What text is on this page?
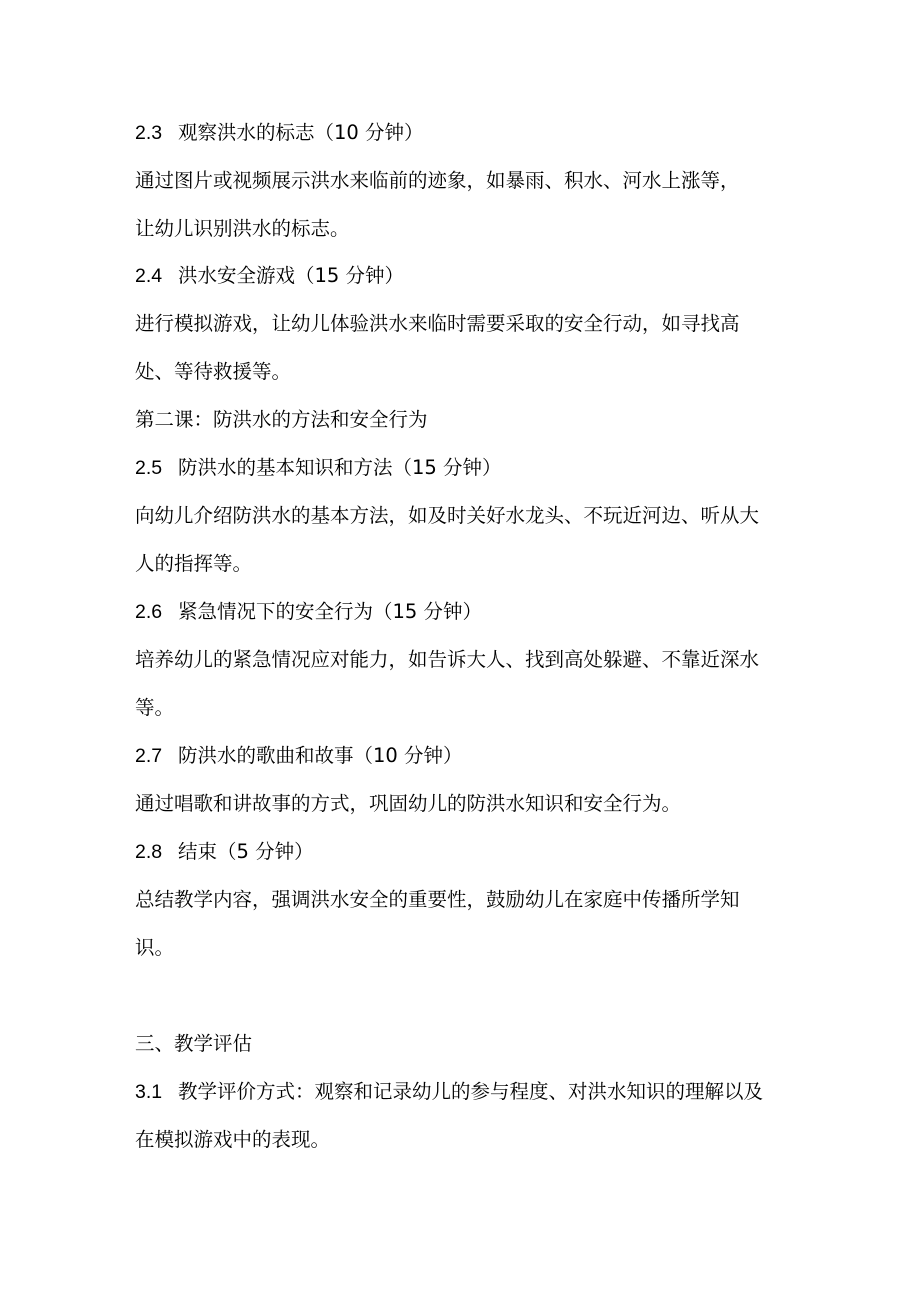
2.3 观察洪水的标志（10 分钟）
通过图片或视频展示洪水来临前的迹象，如暴雨、积水、河水上涨等，
让幼儿识别洪水的标志。
2.4 洪水安全游戏（15 分钟）
进行模拟游戏，让幼儿体验洪水来临时需要采取的安全行动，如寻找高
处、等待救援等。
第二课：防洪水的方法和安全行为
2.5 防洪水的基本知识和方法（15 分钟）
向幼儿介绍防洪水的基本方法，如及时关好水龙头、不玩近河边、听从大
人的指挥等。
2.6 紧急情况下的安全行为（15 分钟）
培养幼儿的紧急情况应对能力，如告诉大人、找到高处躲避、不靠近深水
等。
2.7 防洪水的歌曲和故事（10 分钟）
通过唱歌和讲故事的方式，巩固幼儿的防洪水知识和安全行为。
2.8 结束（5 分钟）
总结教学内容，强调洪水安全的重要性，鼓励幼儿在家庭中传播所学知
识。
三、教学评估
3.1 教学评价方式：观察和记录幼儿的参与程度、对洪水知识的理解以及
在模拟游戏中的表现。
